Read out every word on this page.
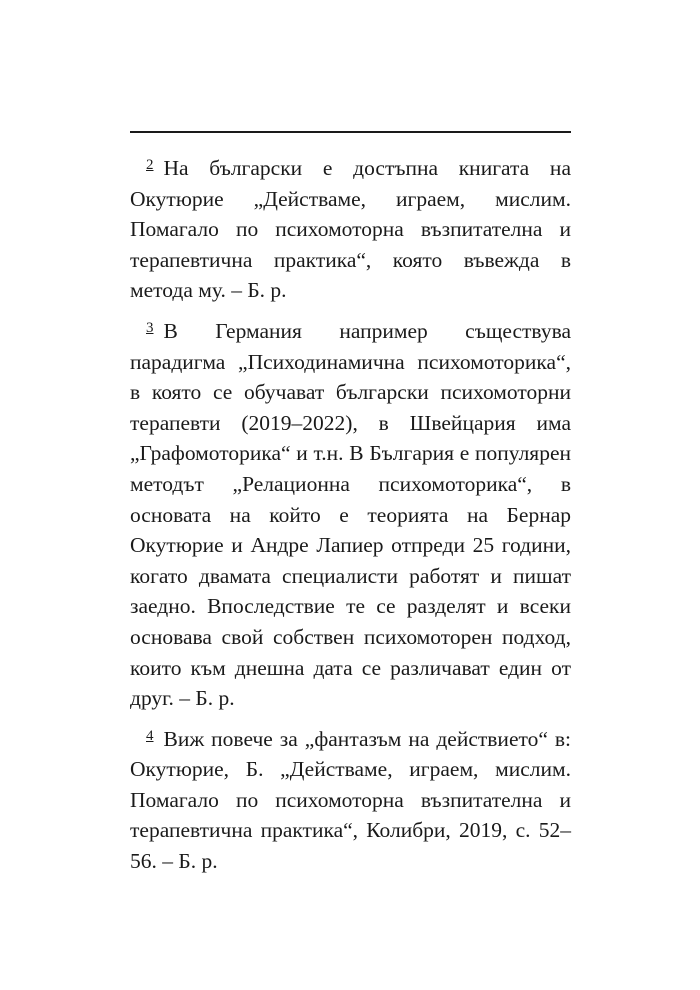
$^2$ На български е достъпна книгата на Окутюрие „Действаме, играем, мислим. Помагало по психомоторна възпитателна и терапевтична практика“, която въвежда в метода му. – Б. р.

$^3$ В Германия например съществува парадигма „Психодинамична психомоторика“, в която се обучават български психомоторни терапевти (2019–2022), в Швейцария има „Графомоторика“ и т.н. В България е популярен методът „Релационна психомоторика“, в основата на който е теорията на Бернар Окутюрие и Андре Лапиер отпреди 25 години, когато двамата специалисти работят и пишат заедно. Впоследствие те се разделят и всеки основава свой собствен психомоторен подход, които към днешна дата се различават един от друг. – Б. р.

$^4$ Виж повече за „фантазъм на действието“ в: Окутюрие, Б. „Действаме, играем, мислим. Помагало по психомоторна възпитателна и терапевтична практика“, Колибри, 2019, с. 52–56. – Б. р.
